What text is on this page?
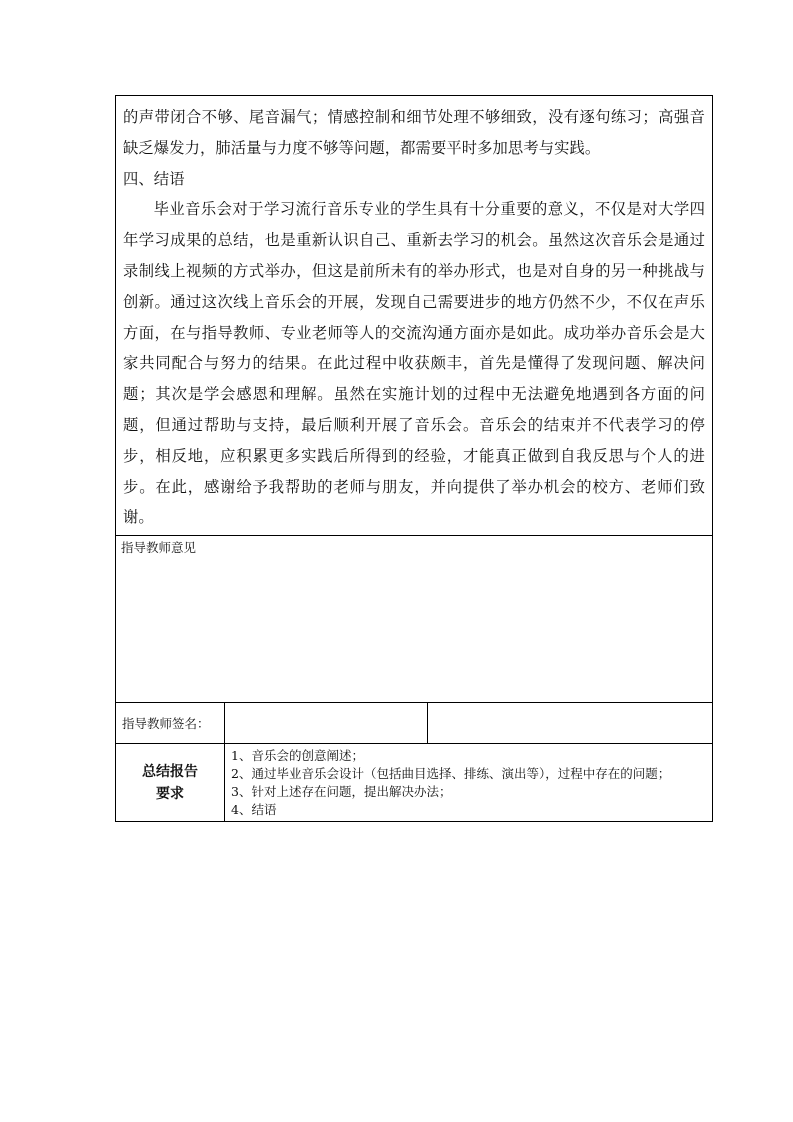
的声带闭合不够、尾音漏气；情感控制和细节处理不够细致，没有逐句练习；高强音缺乏爆发力，肺活量与力度不够等问题，都需要平时多加思考与实践。

四、结语

毕业音乐会对于学习流行音乐专业的学生具有十分重要的意义，不仅是对大学四年学习成果的总结，也是重新认识自己、重新去学习的机会。虽然这次音乐会是通过录制线上视频的方式举办，但这是前所未有的举办形式，也是对自身的另一种挑战与创新。通过这次线上音乐会的开展，发现自己需要进步的地方仍然不少，不仅在声乐方面，在与指导教师、专业老师等人的交流沟通方面亦是如此。成功举办音乐会是大家共同配合与努力的结果。在此过程中收获颇丰，首先是懂得了发现问题、解决问题；其次是学会感恩和理解。虽然在实施计划的过程中无法避免地遇到各方面的问题，但通过帮助与支持，最后顺利开展了音乐会。音乐会的结束并不代表学习的停步，相反地，应积累更多实践后所得到的经验，才能真正做到自我反思与个人的进步。在此，感谢给予我帮助的老师与朋友，并向提供了举办机会的校方、老师们致谢。		

指导教师意见		
指导教师签名：		
总结报告
要求	1、音乐会的创意阐述；
2、通过毕业音乐会设计（包括曲目选择、排练、演出等），过程中存在的问题；
3、针对上述存在问题，提出解决办法；
4、结语	
